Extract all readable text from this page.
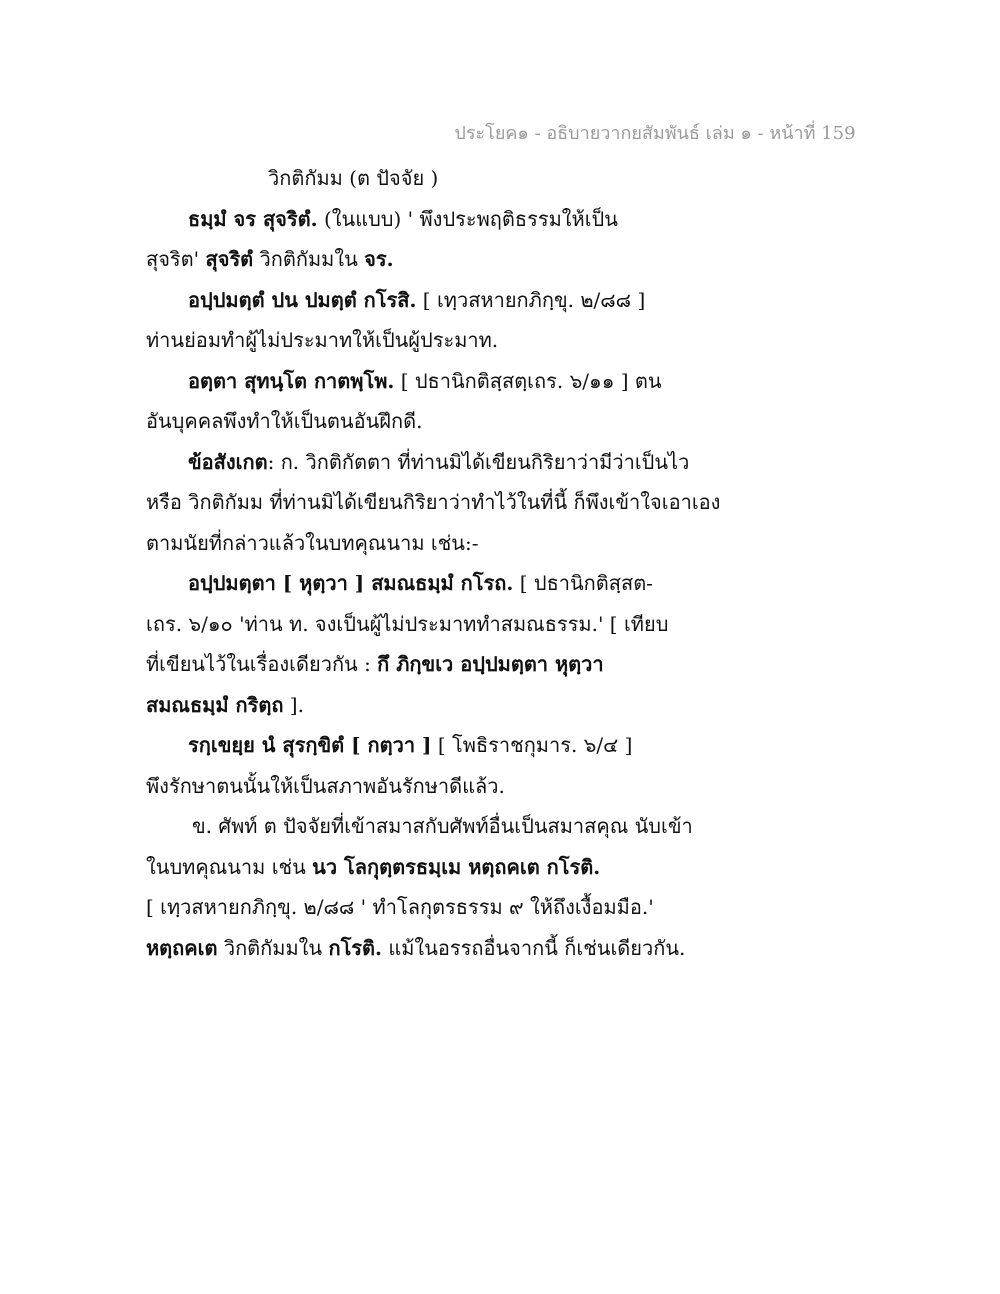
ประโยค๑ - อธิบายวากยสัมพันธ์ เล่ม ๑ - หน้าที่ 159
วิกติกัมม (ต ปัจจัย )
ธมฺมํ จร สุจริตํ. (ในแบบ) ' พึงประพฤติธรรมให้เป็น
สุจริต' สุจริตํ วิกติกัมมใน จร.
อปฺปมตฺตํ ปน ปมตฺตํ กโรสิ. [ เทฺวสหายกภิกฺขุ. ๒/๘๘ ]
ท่านย่อมทำผู้ไม่ประมาทให้เป็นผู้ประมาท.
อตฺตา สุทนฺโต กาตพฺโพ. [ ปธานิกติสฺสตฺเถร. ๖/๑๑ ] ตน
อันบุคคลพึงทำให้เป็นตนอันฝึกดี.
ข้อสังเกต: ก. วิกติกัตตา ที่ท่านมิได้เขียนกิริยาว่ามีว่าเป็นไว
หรือ วิกติกัมม ที่ท่านมิได้เขียนกิริยาว่าทำไว้ในที่นี้ ก็พึงเข้าใจเอาเอง
ตามนัยที่กล่าวแล้วในบทคุณนาม เช่น:-
อปฺปมตฺตา [ หุตฺวา ] สมณธมฺมํ กโรถ. [ ปธานิกติสฺสต-
เถร. ๖/๑๐ 'ท่าน ท. จงเป็นผู้ไม่ประมาททำสมณธรรม.' [ เทียบ
ที่เขียนไว้ในเรื่องเดียวกัน : กึ ภิกฺขเว อปฺปมตฺตา หุตฺวา
สมณธมฺมํ กริตฺถ ].
รกฺเขยฺย นํ สุรกฺขิตํ [ กตฺวา ] [ โพธิราชกุมาร. ๖/๔ ]
พึงรักษาตนนั้นให้เป็นสภาพอันรักษาดีแล้ว.
ข. ศัพท์ ต ปัจจัยที่เข้าสมาสกับศัพท์อื่นเป็นสมาสคุณ นับเข้า
ในบทคุณนาม เช่น นว โลกุตฺตรธมฺเม หตฺถคเต กโรติ.
[ เทฺวสหายกภิกฺขุ. ๒/๘๘ ' ทำโลกุตรธรรม ๙ ให้ถึงเงื้อมมือ.'
หตฺถคเต วิกติกัมมใน กโรติ. แม้ในอรรถอื่นจากนี้ ก็เช่นเดียวกัน.
